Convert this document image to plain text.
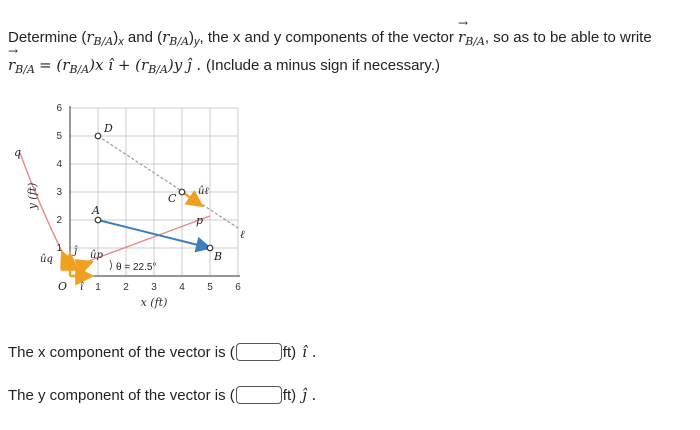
Determine $(r_{B/A})_x$ and $(r_{B/A})_y$, the x and y components of the vector
→
$r_{B/A}$, so as to be able to write
→
$r_{B/A} = (r_{B/A})x$ î + $(r_{B/A})y$ ĵ . (Include a minus sign if necessary.)
1 2 3 4 5 6
1
2
3
4
5
6
x (ft)
y (ft)
O
A
B
C
D
q
p
ℓ
ûℓ
ûp
ûq
î
ĵ
θ = 22.5°
The x component of the vector is (	ft) î .
The y component of the vector is (	ft) ĵ .
